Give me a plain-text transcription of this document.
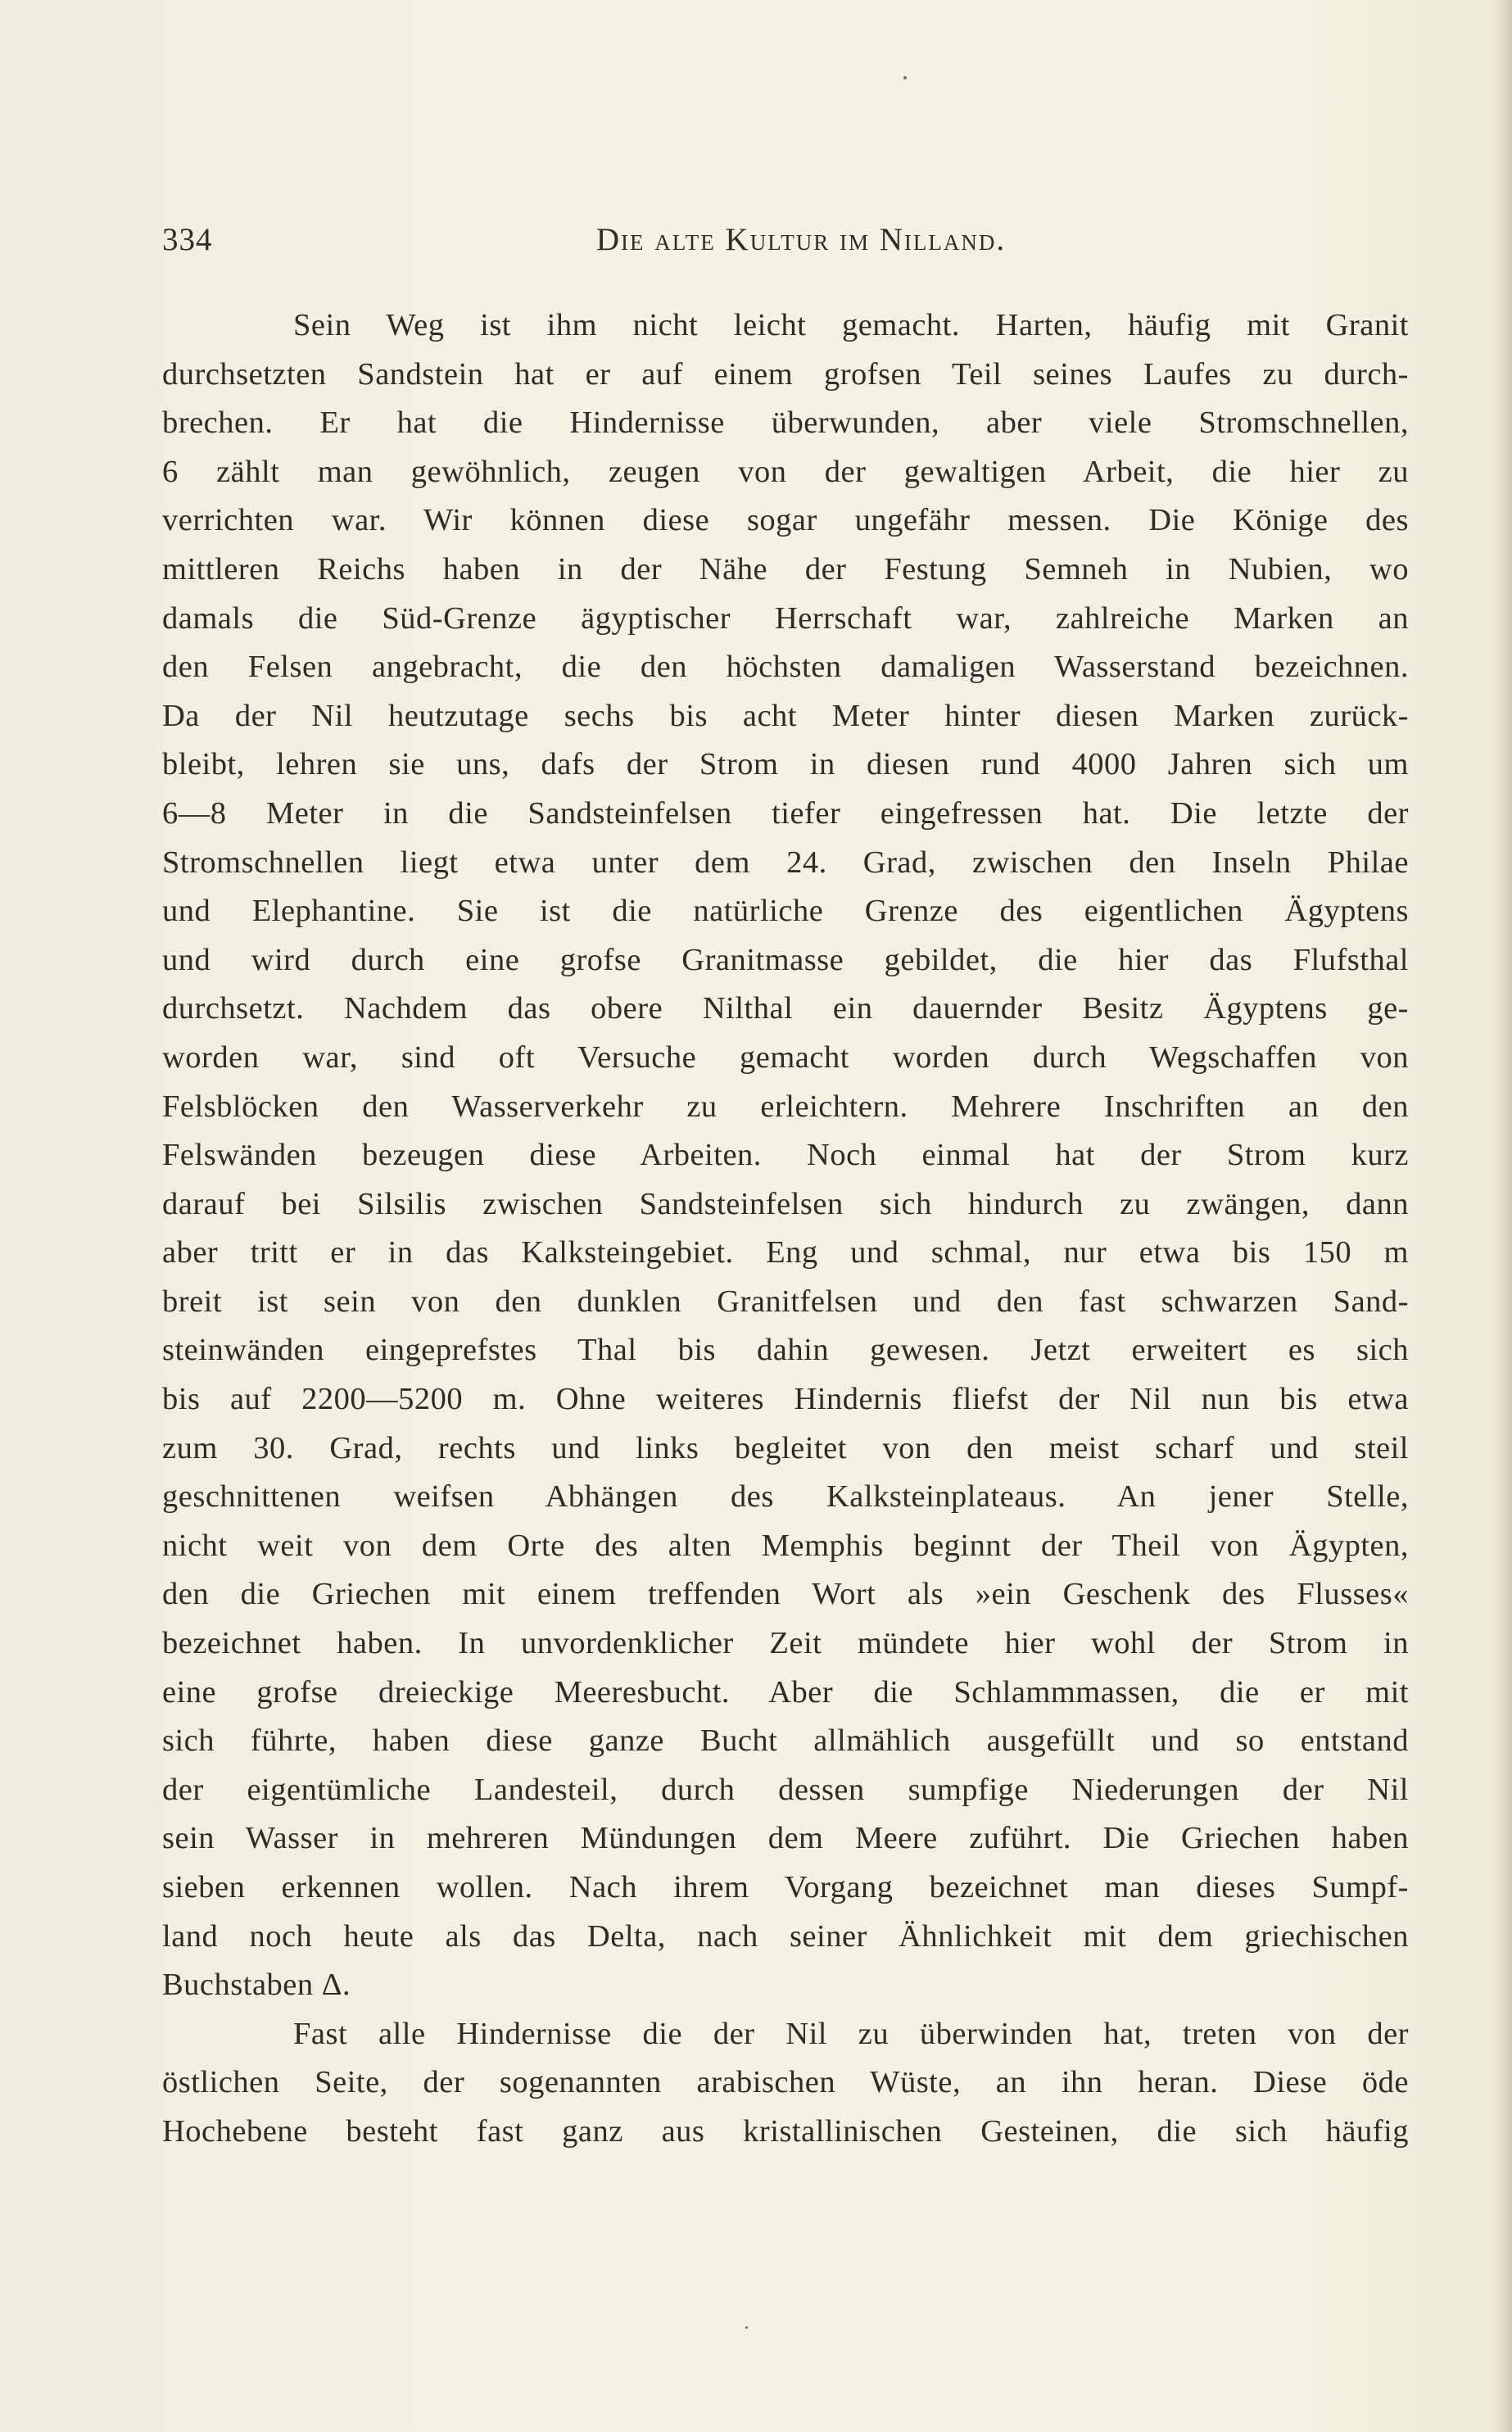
334	Die alte Kultur im Nilland.
Sein Weg ist ihm nicht leicht gemacht. Harten, häufig mit Granit
durchsetzten Sandstein hat er auf einem grofsen Teil seines Laufes zu durch-
brechen. Er hat die Hindernisse überwunden, aber viele Stromschnellen,
6 zählt man gewöhnlich, zeugen von der gewaltigen Arbeit, die hier zu
verrichten war. Wir können diese sogar ungefähr messen. Die Könige des
mittleren Reichs haben in der Nähe der Festung Semneh in Nubien, wo
damals die Süd-Grenze ägyptischer Herrschaft war, zahlreiche Marken an
den Felsen angebracht, die den höchsten damaligen Wasserstand bezeichnen.
Da der Nil heutzutage sechs bis acht Meter hinter diesen Marken zurück-
bleibt, lehren sie uns, dafs der Strom in diesen rund 4000 Jahren sich um
6—8 Meter in die Sandsteinfelsen tiefer eingefressen hat. Die letzte der
Stromschnellen liegt etwa unter dem 24. Grad, zwischen den Inseln Philae
und Elephantine. Sie ist die natürliche Grenze des eigentlichen Ägyptens
und wird durch eine grofse Granitmasse gebildet, die hier das Flufsthal
durchsetzt. Nachdem das obere Nilthal ein dauernder Besitz Ägyptens ge-
worden war, sind oft Versuche gemacht worden durch Wegschaffen von
Felsblöcken den Wasserverkehr zu erleichtern. Mehrere Inschriften an den
Felswänden bezeugen diese Arbeiten. Noch einmal hat der Strom kurz
darauf bei Silsilis zwischen Sandsteinfelsen sich hindurch zu zwängen, dann
aber tritt er in das Kalksteingebiet. Eng und schmal, nur etwa bis 150 m
breit ist sein von den dunklen Granitfelsen und den fast schwarzen Sand-
steinwänden eingeprefstes Thal bis dahin gewesen. Jetzt erweitert es sich
bis auf 2200—5200 m. Ohne weiteres Hindernis fliefst der Nil nun bis etwa
zum 30. Grad, rechts und links begleitet von den meist scharf und steil
geschnittenen weifsen Abhängen des Kalksteinplateaus. An jener Stelle,
nicht weit von dem Orte des alten Memphis beginnt der Theil von Ägypten,
den die Griechen mit einem treffenden Wort als »ein Geschenk des Flusses«
bezeichnet haben. In unvordenklicher Zeit mündete hier wohl der Strom in
eine grofse dreieckige Meeresbucht. Aber die Schlammmassen, die er mit
sich führte, haben diese ganze Bucht allmählich ausgefüllt und so entstand
der eigentümliche Landesteil, durch dessen sumpfige Niederungen der Nil
sein Wasser in mehreren Mündungen dem Meere zuführt. Die Griechen haben
sieben erkennen wollen. Nach ihrem Vorgang bezeichnet man dieses Sumpf-
land noch heute als das Delta, nach seiner Ähnlichkeit mit dem griechischen
Buchstaben Δ.
Fast alle Hindernisse die der Nil zu überwinden hat, treten von der
östlichen Seite, der sogenannten arabischen Wüste, an ihn heran. Diese öde
Hochebene besteht fast ganz aus kristallinischen Gesteinen, die sich häufig
